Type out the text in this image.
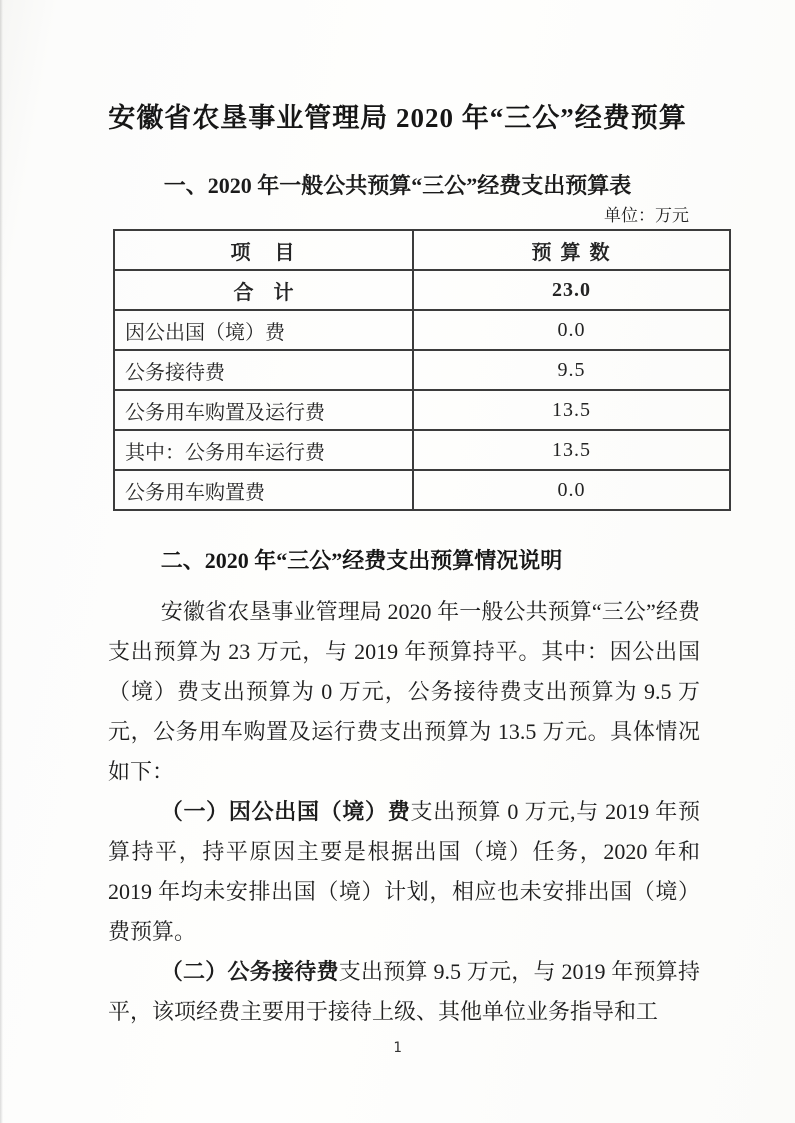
安徽省农垦事业管理局 2020 年“三公”经费预算
一、2020 年一般公共预算“三公”经费支出预算表
单位：万元
项　目	预 算 数
合　计	23.0
因公出国（境）费	0.0
公务接待费	9.5
公务用车购置及运行费	13.5
其中：公务用车运行费	13.5
公务用车购置费	0.0
二、2020 年“三公”经费支出预算情况说明

安徽省农垦事业管理局 2020 年一般公共预算“三公”经费支出预算为 23 万元，与 2019 年预算持平。其中：因公出国（境）费支出预算为 0 万元，公务接待费支出预算为 9.5 万元，公务用车购置及运行费支出预算为 13.5 万元。具体情况如下：

（一）因公出国（境）费支出预算 0 万元,与 2019 年预算持平，持平原因主要是根据出国（境）任务，2020 年和 2019 年均未安排出国（境）计划，相应也未安排出国（境）费预算。

（二）公务接待费支出预算 9.5 万元，与 2019 年预算持平，该项经费主要用于接待上级、其他单位业务指导和工

1
